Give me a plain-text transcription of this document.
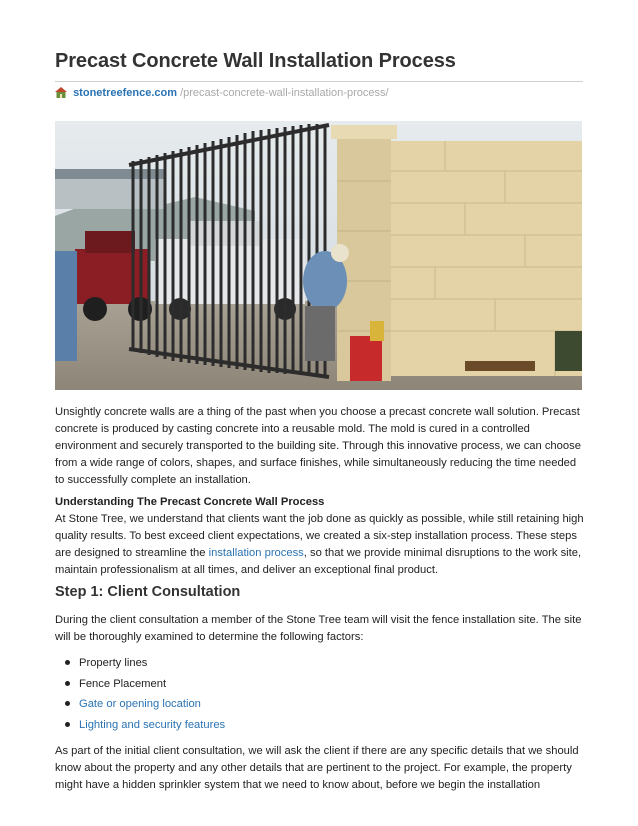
Precast Concrete Wall Installation Process
stonetreefence.com /precast-concrete-wall-installation-process/

Unsightly concrete walls are a thing of the past when you choose a precast concrete wall solution. Precast concrete is produced by casting concrete into a reusable mold. The mold is cured in a controlled environment and securely transported to the building site. Through this innovative process, we can choose from a wide range of colors, shapes, and surface finishes, while simultaneously reducing the time needed to successfully complete an installation.

Understanding The Precast Concrete Wall Process
At Stone Tree, we understand that clients want the job done as quickly as possible, while still retaining high quality results. To best exceed client expectations, we created a six-step installation process. These steps are designed to streamline the installation process, so that we provide minimal disruptions to the work site, maintain professionalism at all times, and deliver an exceptional final product.

Step 1: Client Consultation

During the client consultation a member of the Stone Tree team will visit the fence installation site. The site will be thoroughly examined to determine the following factors:

Property lines
Fence Placement
Gate or opening location
Lighting and security features

As part of the initial client consultation, we will ask the client if there are any specific details that we should know about the property and any other details that are pertinent to the project. For example, the property might have a hidden sprinkler system that we need to know about, before we begin the installation
